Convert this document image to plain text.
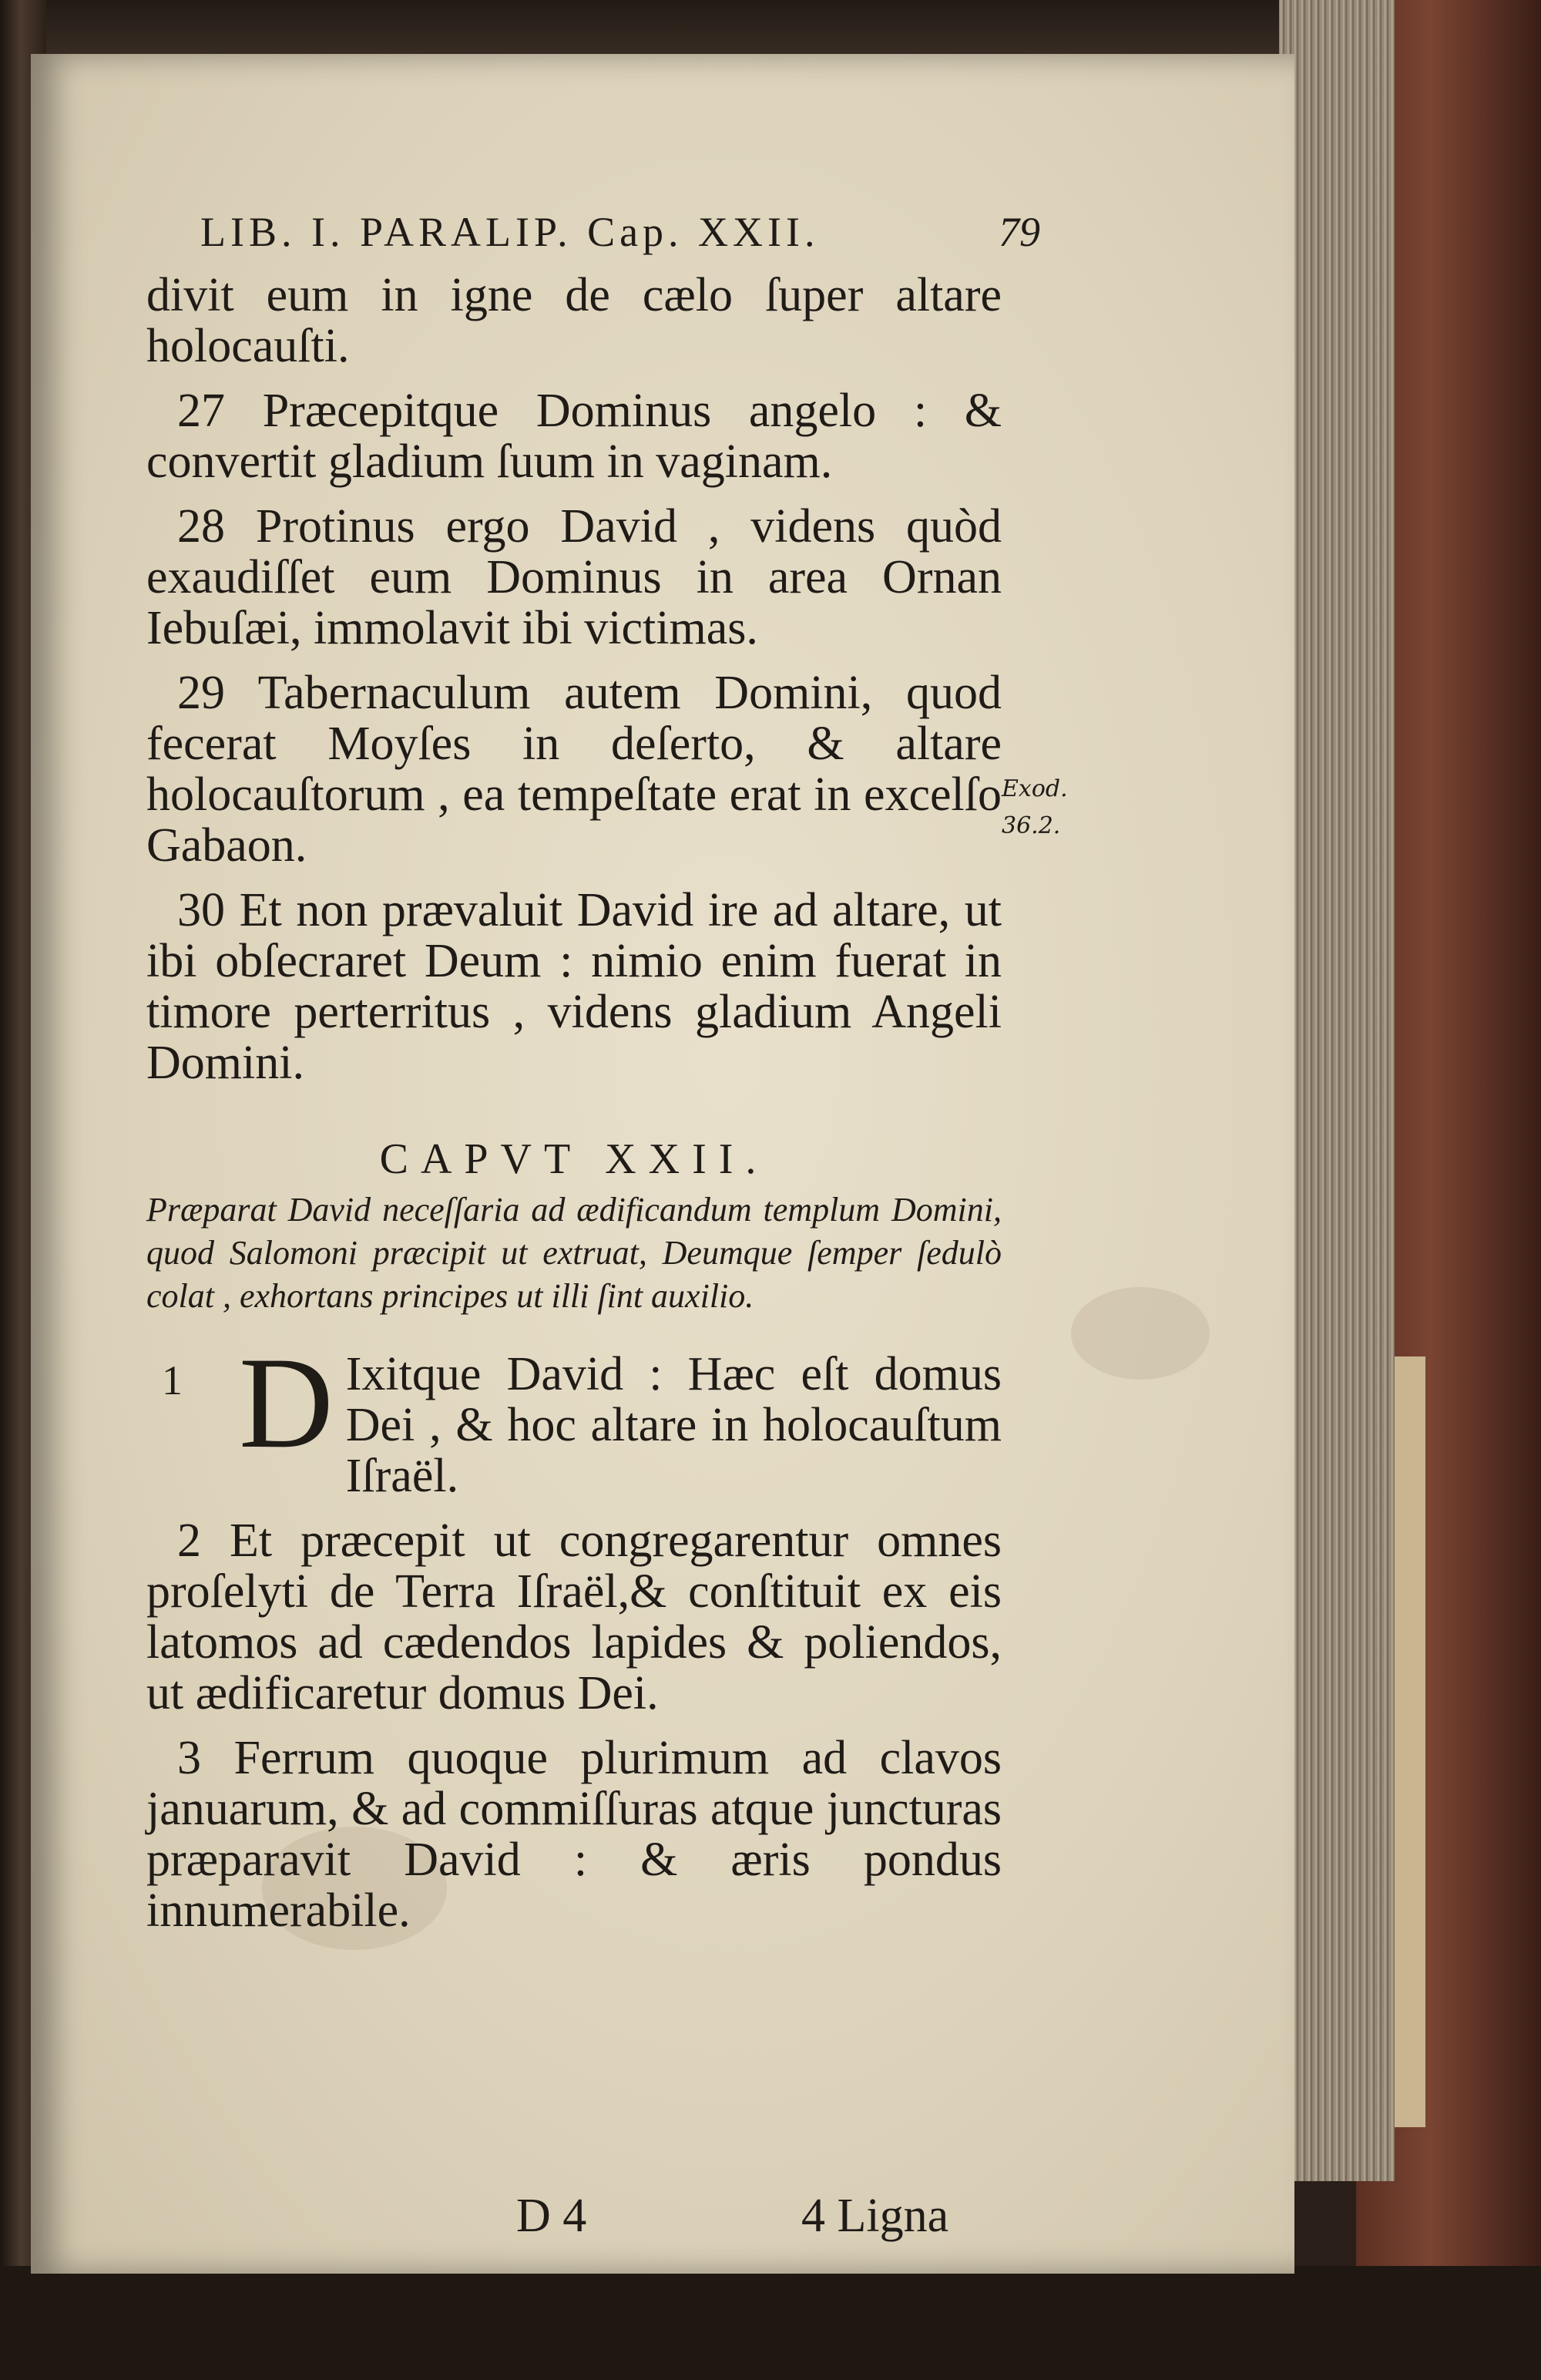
LIB. I. PARALIP. Cap. XXII.	79

divit eum in igne de cælo ſuper altare holocauſti.

27 Præcepitque Dominus angelo : & convertit gladium ſuum in vaginam.

28 Protinus ergo David , videns quòd exaudiſſet eum Dominus in area Ornan Iebuſæi, immolavit ibi victimas.

29 Tabernaculum autem Domini, quod fecerat Moyſes in deſerto, & altare holocauſtorum , ea tempeſtate erat in excelſo Gabaon.

30 Et non prævaluit David ire ad altare, ut ibi obſecraret Deum : nimio enim fuerat in timore perterritus , videns gladium Angeli Domini.

CAPVT XXII.
Præparat David neceſſaria ad ædificandum templum Domini, quod Salomoni præcipit ut extruat, Deumque ſemper ſedulò colat , exhortans principes ut illi ſint auxilio.
1 D Ixitque David : Hæc eſt domus Dei , & hoc altare in holocauſtum Iſraël.

2 Et præcepit ut congregarentur omnes proſelyti de Terra Iſraël,& conſtituit ex eis latomos ad cædendos lapides & poliendos, ut ædificaretur domus Dei.

3 Ferrum quoque plurimum ad clavos januarum, & ad commiſſuras atque juncturas præparavit David : & æris pondus innumerabile.

D 4	4 Ligna
Exod.
36.2.
